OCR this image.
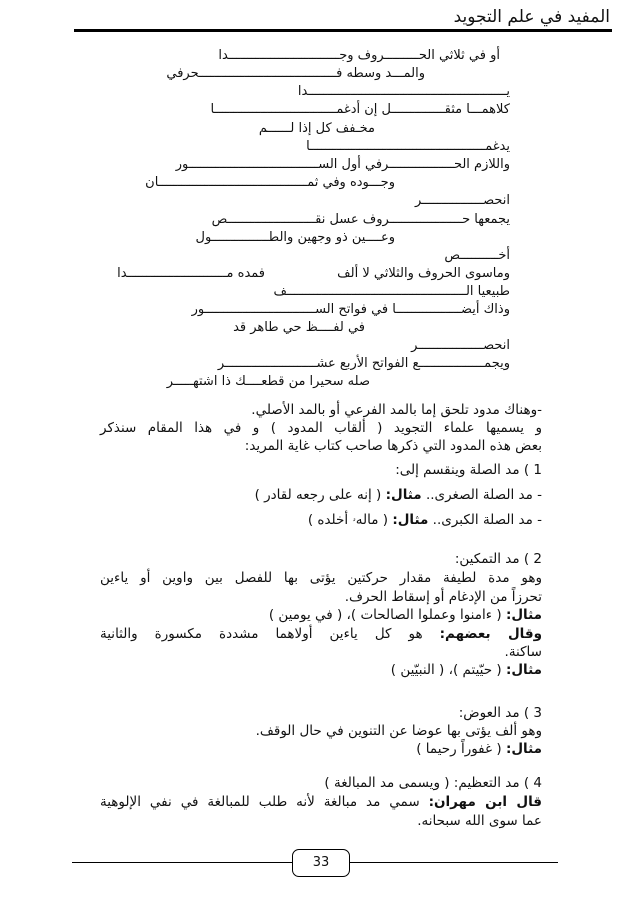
المفيد في علم التجويد
أو في ثلاثي الحـــــــــروف وجـــــــــــــــــــــــــــــدا
والمـــد وسطه فــــــــــــــــــــــــــــــــــــحرفي
يــــــــــــــــــــــــــــــــــــــــــــــــــــدا
كلاهمـــا مثقــــــــــــــل إن أدغمــــــــــــــــــــــــــــــــا
مخـفف كل إذا لــــــم
يدغمــــــــــــــــــــــــــــــــــــــــــــــا
واللازم الحـــــــــــــــــرفي أول الســــــــــــــــــــــــــــــــــور
وجـــوده وفي ثمـــــــــــــــــــــــــــــــــــــــان
انحصــــــــــــــــر
يجمعها حـــــــــــــــــــروف عسل نقـــــــــــــــــــــــص
وعــــين ذو وجهين والطـــــــــــــــول
أخــــــــــص
وماسوى الحروف والثلاثي لا ألف
فمده مــــــــــــــــــــــــــدا
طبيعيا الـــــــــــــــــــــــــــــــــــــــــــــــف
وذاك أيضـــــــــــــــــا في فواتح الســـــــــــــــــــــــــــــور
في لفــــظ حي طاهر قد
انحصـــــــــــــــــر
ويجمـــــــــــــــــع الفواتح الأربع عشــــــــــــــــــــــــر
صله سحيرا من قطعــــك ذا اشتهـــــر
-وهناك مدود تلحق إما بالمد الفرعي أو بالمد الأصلي.
و يسميها علماء التجويد ( ألقاب المدود ) و في هذا المقام سنذكر
بعض هذه المدود التي ذكرها صاحب كتاب غاية المريد:
1 ) مد الصلة وينقسم إلى:
- مد الصلة الصغرى.. مثال: ( إنه على رجعه لقادر )
- مد الصلة الكبرى.. مثال: ( مالهۥ أخلده )
2 ) مد التمكين:
وهو مدة لطيفة مقدار حركتين يؤتى بها للفصل بين واوين أو ياءين
تحرزاً من الإدغام أو إسقاط الحرف.
مثال: ( ءامنوا وعملوا الصالحات )، ( في يومين )
وقال بعضهم: هو كل ياءين أولاهما مشددة مكسورة والثانية
ساكنة.
مثال: ( حيّيتم )، ( النبيّين )
3 ) مد العوض:
وهو ألف يؤتى بها عوضا عن التنوين في حال الوقف.
مثال: ( غفوراً رحيما )
4 ) مد التعظيم: ( ويسمى مد المبالغة )
قال ابن مهران: سمي مد مبالغة لأنه طلب للمبالغة في نفي الإلوهية
عما سوى الله سبحانه.
33
